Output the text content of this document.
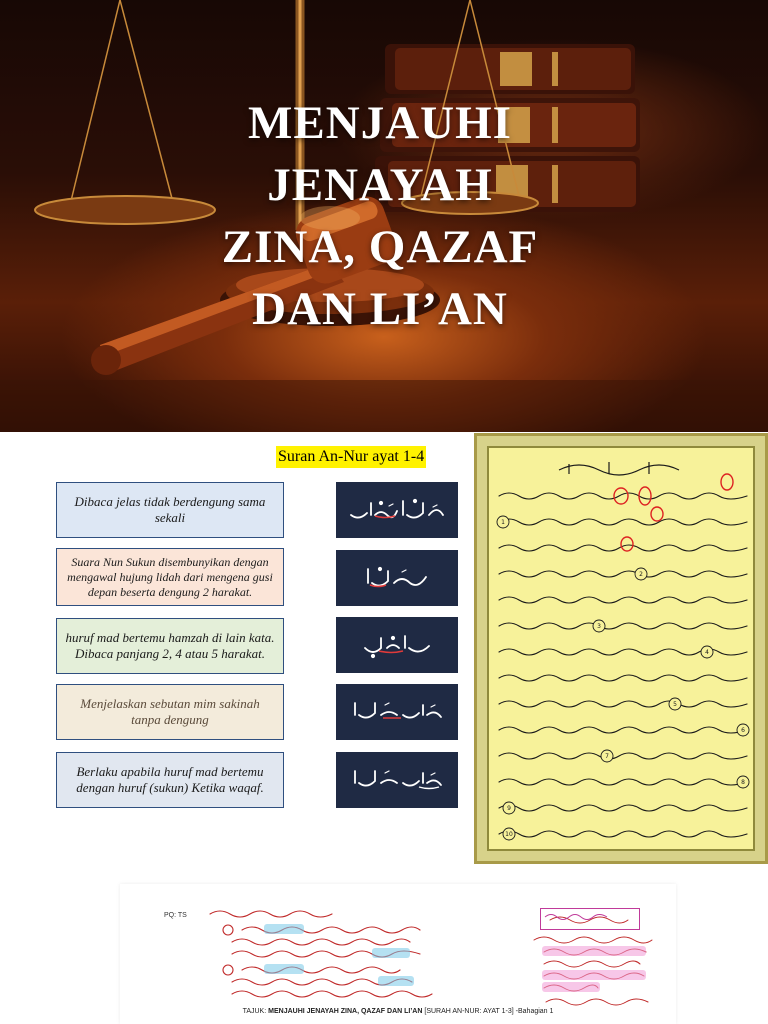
MENJAUHI
JENAYAH
ZINA, QAZAF
DAN LI’AN
Suran An-Nur ayat 1-4
Dibaca jelas tidak berdengung sama sekali
Suara Nun Sukun disembunyikan dengan mengawal hujung lidah dari mengena gusi depan beserta dengung 2 harakat.
huruf mad bertemu hamzah di lain kata. Dibaca panjang 2, 4 atau 5 harakat.
Menjelaskan sebutan mim sakinah tanpa dengung
Berlaku apabila huruf mad bertemu dengan huruf (sukun) Ketika waqaf.
1
2
3
4
5
6
7
8
9
10
PQ: TS
TAJUK: MENJAUHI JENAYAH ZINA, QAZAF DAN LI’AN [SURAH AN-NUR: AYAT 1-3] -Bahagian 1
